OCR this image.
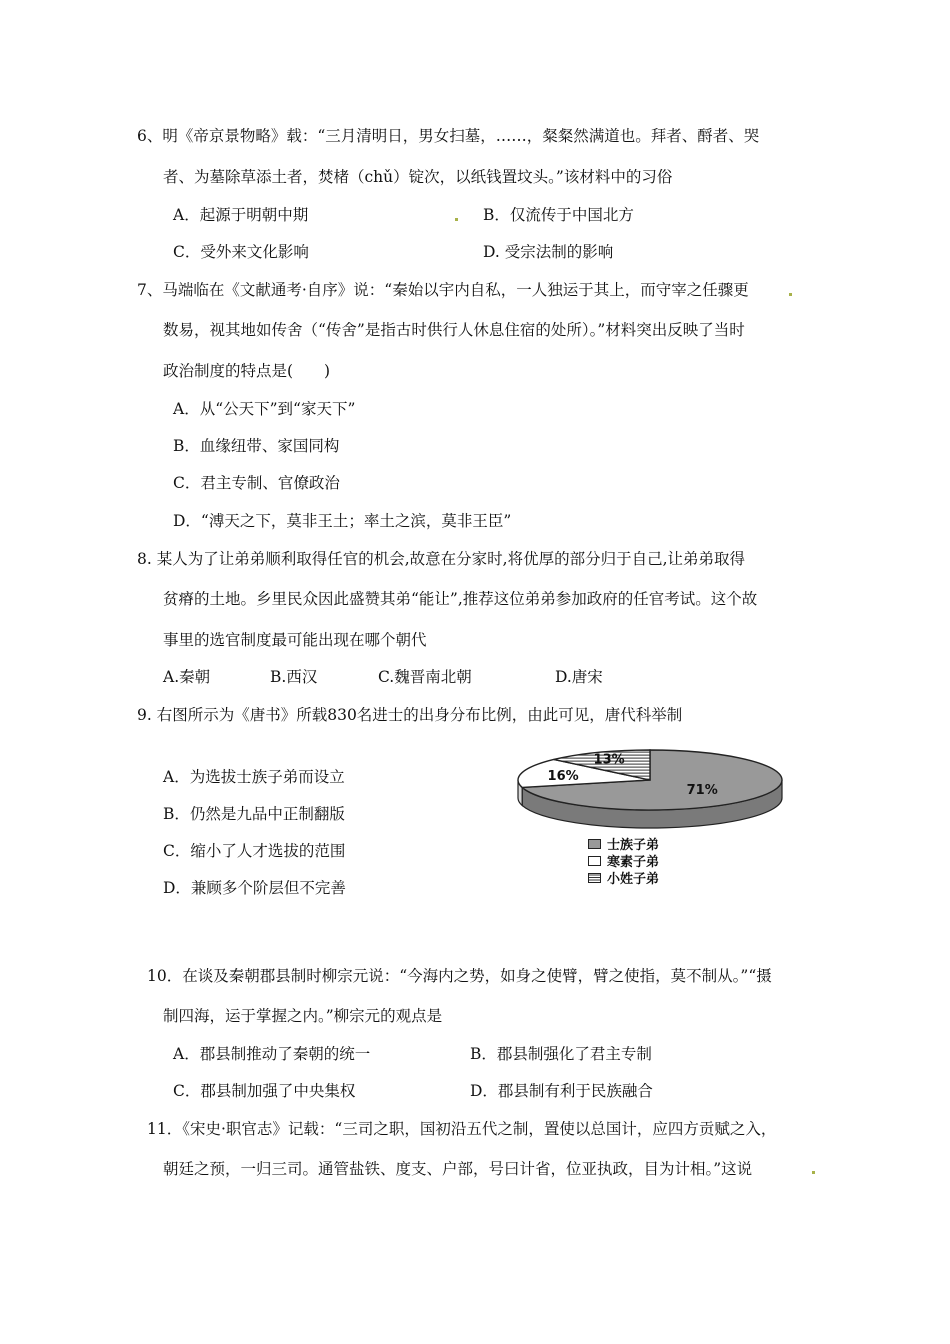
6、明《帝京景物略》载：“三月清明日，男女扫墓，……，粲粲然满道也。拜者、酹者、哭
者、为墓除草添土者，焚楮（chǔ）锭次，以纸钱置坟头。”该材料中的习俗
A．起源于明朝中期	B．仅流传于中国北方
C．受外来文化影响	D. 受宗法制的影响
7、马端临在《文献通考·自序》说：“秦始以宇内自私，一人独运于其上，而守宰之任骤更
数易，视其地如传舍（“传舍”是指古时供行人休息住宿的处所）。”材料突出反映了当时
政治制度的特点是(　　)
A．从“公天下”到“家天下”
B．血缘纽带、家国同构
C．君主专制、官僚政治
D．“溥天之下，莫非王土；率土之滨，莫非王臣”
8. 某人为了让弟弟顺利取得任官的机会,故意在分家时,将优厚的部分归于自己,让弟弟取得
贫瘠的土地。乡里民众因此盛赞其弟“能让”,推荐这位弟弟参加政府的任官考试。这个故
事里的选官制度最可能出现在哪个朝代
A.秦朝	B.西汉	C.魏晋南北朝	D.唐宋
9. 右图所示为《唐书》所载830名进士的出身分布比例，由此可见，唐代科举制
A．为选拔士族子弟而设立
B．仍然是九品中正制翻版
C．缩小了人才选拔的范围
D．兼顾多个阶层但不完善
71%
16%
13%
士族子弟
寒素子弟
小姓子弟
10．在谈及秦朝郡县制时柳宗元说：“今海内之势，如身之使臂，臂之使指，莫不制从。”“摄
制四海，运于掌握之内。”柳宗元的观点是
A．郡县制推动了秦朝的统一	B．郡县制强化了君主专制
C．郡县制加强了中央集权	D．郡县制有利于民族融合
11．《宋史·职官志》记载：“三司之职，国初沿五代之制，置使以总国计，应四方贡赋之入，
朝廷之预，一归三司。通管盐铁、度支、户部，号曰计省，位亚执政，目为计相。”这说
